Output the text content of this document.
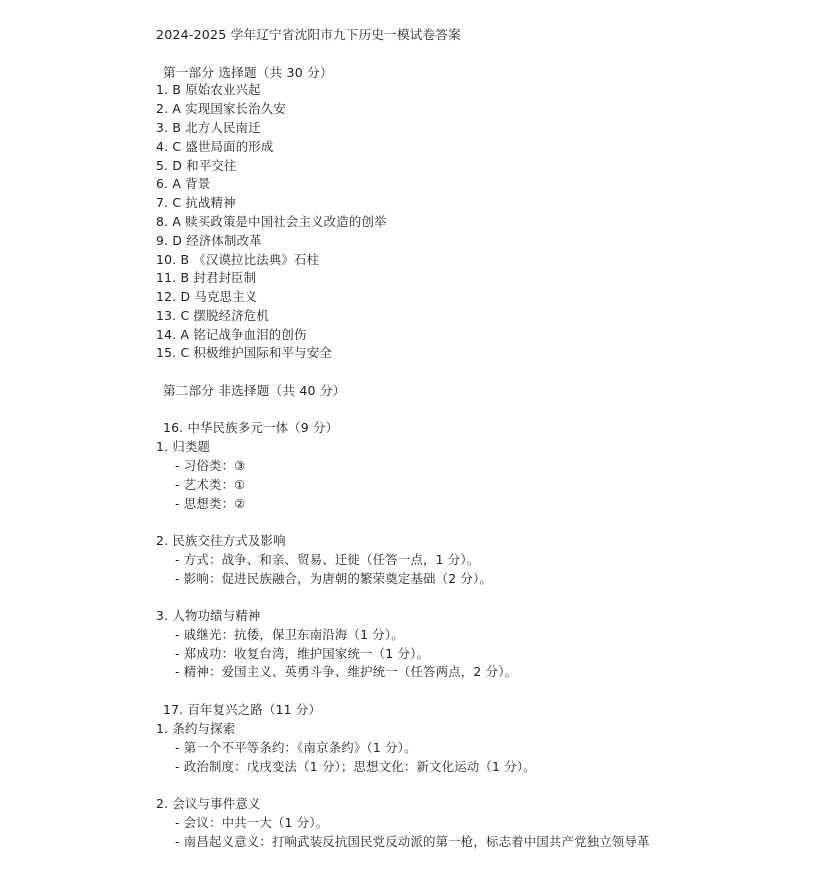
2024-2025 学年辽宁省沈阳市九下历史一模试卷答案
第一部分 选择题（共 30 分）
1. B 原始农业兴起
2. A 实现国家长治久安
3. B 北方人民南迁
4. C 盛世局面的形成
5. D 和平交往
6. A 背景
7. C 抗战精神
8. A 赎买政策是中国社会主义改造的创举
9. D 经济体制改革
10. B 《汉谟拉比法典》石柱
11. B 封君封臣制
12. D 马克思主义
13. C 摆脱经济危机
14. A 铭记战争血泪的创伤
15. C 积极维护国际和平与安全
第二部分 非选择题（共 40 分）
16. 中华民族多元一体（9 分）
1. 归类题
- 习俗类：③
- 艺术类：①
- 思想类：②
2. 民族交往方式及影响
- 方式：战争、和亲、贸易、迁徙（任答一点，1 分）。
- 影响：促进民族融合，为唐朝的繁荣奠定基础（2 分）。
3. 人物功绩与精神
- 戚继光：抗倭，保卫东南沿海（1 分）。
- 郑成功：收复台湾，维护国家统一（1 分）。
- 精神：爱国主义、英勇斗争、维护统一（任答两点，2 分）。
17. 百年复兴之路（11 分）
1. 条约与探索
- 第一个不平等条约：《南京条约》（1 分）。
- 政治制度：戊戌变法（1 分）；思想文化：新文化运动（1 分）。
2. 会议与事件意义
- 会议：中共一大（1 分）。
- 南昌起义意义：打响武装反抗国民党反动派的第一枪，标志着中国共产党独立领导革
